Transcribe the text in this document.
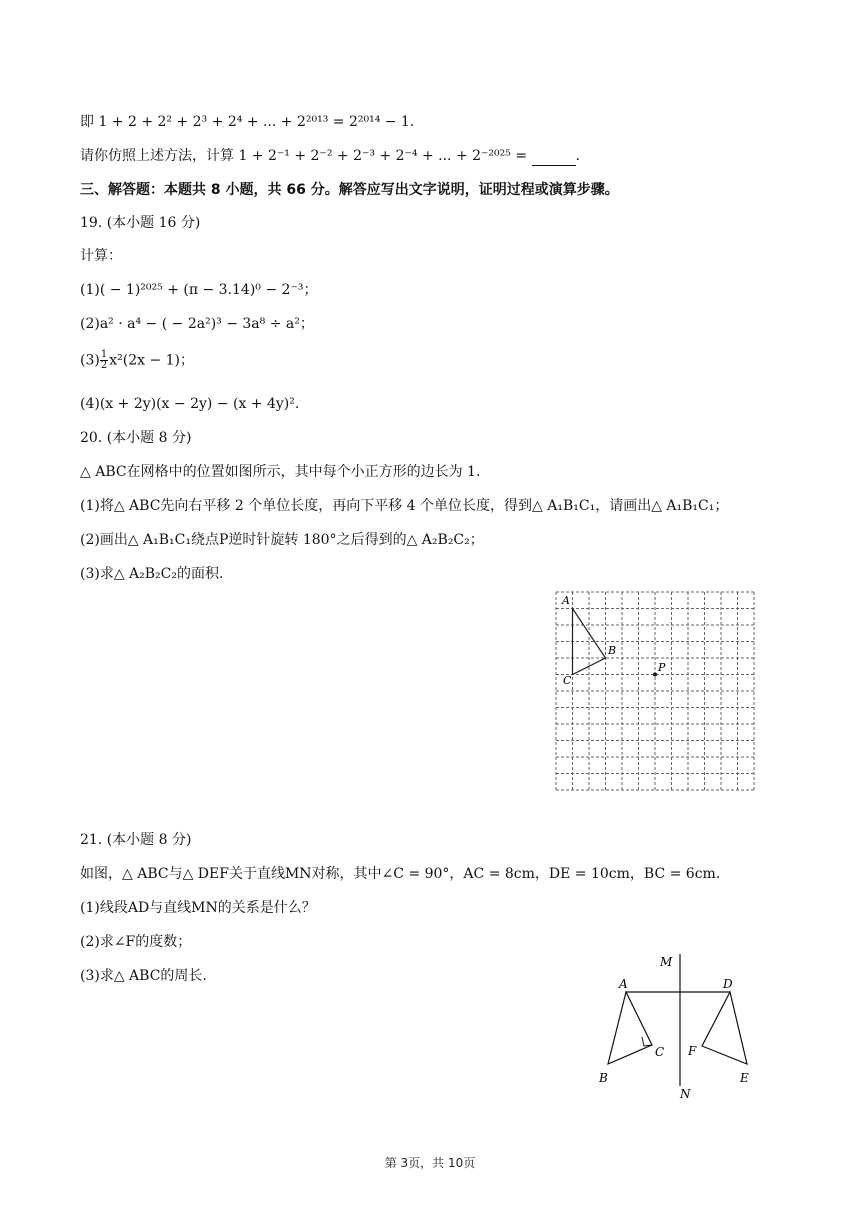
即 1 + 2 + 2² + 2³ + 2⁴ + ... + 2²⁰¹³ = 2²⁰¹⁴ − 1.
请你仿照上述方法，计算 1 + 2⁻¹ + 2⁻² + 2⁻³ + 2⁻⁴ + ... + 2⁻²⁰²⁵ =	.
三、解答题：本题共 8 小题，共 66 分。解答应写出文字说明，证明过程或演算步骤。
19. (本小题 16 分)
计算：
(1)( − 1)²⁰²⁵ + (π − 3.14)⁰ − 2⁻³；
(2)a² · a⁴ − ( − 2a²)³ − 3a⁸ ÷ a²；
$(3) \frac{1}{2} x^2(2x - 1)$；
(4)(x + 2y)(x − 2y) − (x + 4y)².
20. (本小题 8 分)
△ ABC在网格中的位置如图所示，其中每个小正方形的边长为 1.
(1)将△ ABC先向右平移 2 个单位长度，再向下平移 4 个单位长度，得到△ A₁B₁C₁，请画出△ A₁B₁C₁；
(2)画出△ A₁B₁C₁绕点P逆时针旋转 180°之后得到的△ A₂B₂C₂；
(3)求△ A₂B₂C₂的面积.
A
B
C
P
21. (本小题 8 分)
如图，△ ABC与△ DEF关于直线MN对称，其中∠C = 90°，AC = 8cm，DE = 10cm，BC = 6cm.
(1)线段AD与直线MN的关系是什么？
(2)求∠F的度数；
(3)求△ ABC的周长.
M
N
A
B
C
D
E
F
第 3页，共 10页
